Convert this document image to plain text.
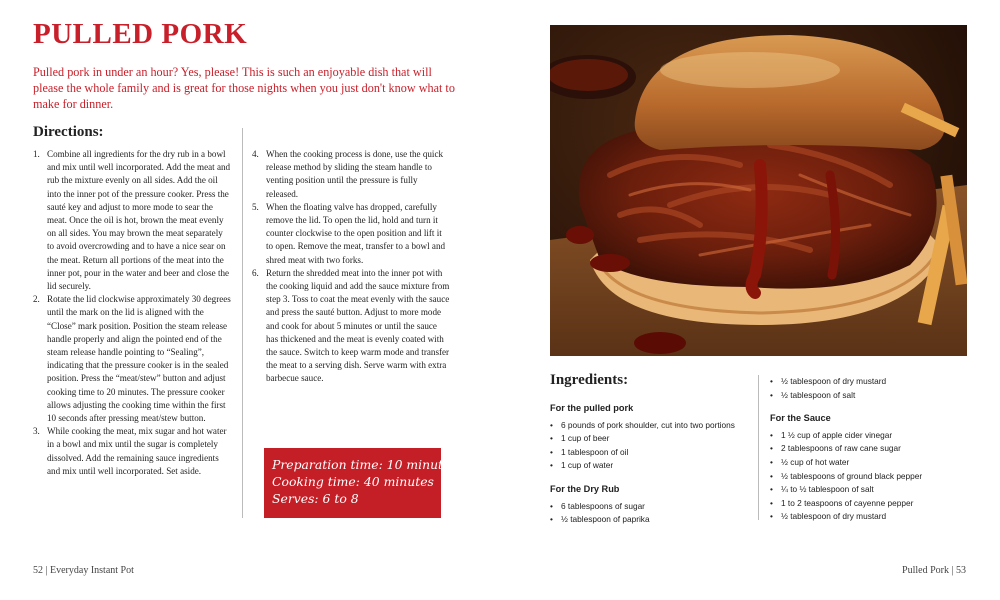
PULLED PORK

Pulled pork in under an hour? Yes, please! This is such an enjoyable dish that will please the whole family and is great for those nights when you just don't know what to make for dinner.

Directions:
1. Combine all ingredients for the dry rub in a bowl and mix until well incorporated. Add the meat and rub the mixture evenly on all sides. Add the oil into the inner pot of the pressure cooker. Press the sauté key and adjust to more mode to sear the meat. Once the oil is hot, brown the meat evenly on all sides. You may brown the meat separately to avoid overcrowding and to have a nice sear on the meat. Return all portions of the meat into the inner pot, pour in the water and beer and close the lid securely.
2. Rotate the lid clockwise approximately 30 degrees until the mark on the lid is aligned with the “Close” mark position. Position the steam release handle properly and align the pointed end of the steam release handle pointing to “Sealing”, indicating that the pressure cooker is in the sealed position. Press the “meat/stew” button and adjust cooking time to 20 minutes. The pressure cooker allows adjusting the cooking time within the first 10 seconds after pressing meat/stew button.
3. While cooking the meat, mix sugar and hot water in a bowl and mix until the sugar is completely dissolved. Add the remaining sauce ingredients and mix until well incorporated. Set aside.
4. When the cooking process is done, use the quick release method by sliding the steam handle to venting position until the pressure is fully released.
5. When the floating valve has dropped, carefully remove the lid. To open the lid, hold and turn it counter clockwise to the open position and lift it to open. Remove the meat, transfer to a bowl and shred meat with two forks.
6. Return the shredded meat into the inner pot with the cooking liquid and add the sauce mixture from step 3. Toss to coat the meat evenly with the sauce and press the sauté button. Adjust to more mode and cook for about 5 minutes or until the sauce has thickened and the meat is evenly coated with the sauce. Switch to keep warm mode and transfer the meat to a serving dish. Serve warm with extra barbecue sauce.
Preparation time: 10 minutes
Cooking time: 40 minutes
Serves: 6 to 8
52 | Everyday Instant Pot
Ingredients:
For the pulled pork
• 6 pounds of pork shoulder, cut into two portions
• 1 cup of beer
• 1 tablespoon of oil
• 1 cup of water
For the Dry Rub
• 6 tablespoons of sugar
• ½ tablespoon of paprika
• ½ tablespoon of dry mustard
• ½ tablespoon of salt
For the Sauce
• 1 ½ cup of apple cider vinegar
• 2 tablespoons of raw cane sugar
• ½ cup of hot water
• ½ tablespoons of ground black pepper
• ¼ to ½ tablespoon of salt
• 1 to 2 teaspoons of cayenne pepper
• ½ tablespoon of dry mustard
Pulled Pork | 53
